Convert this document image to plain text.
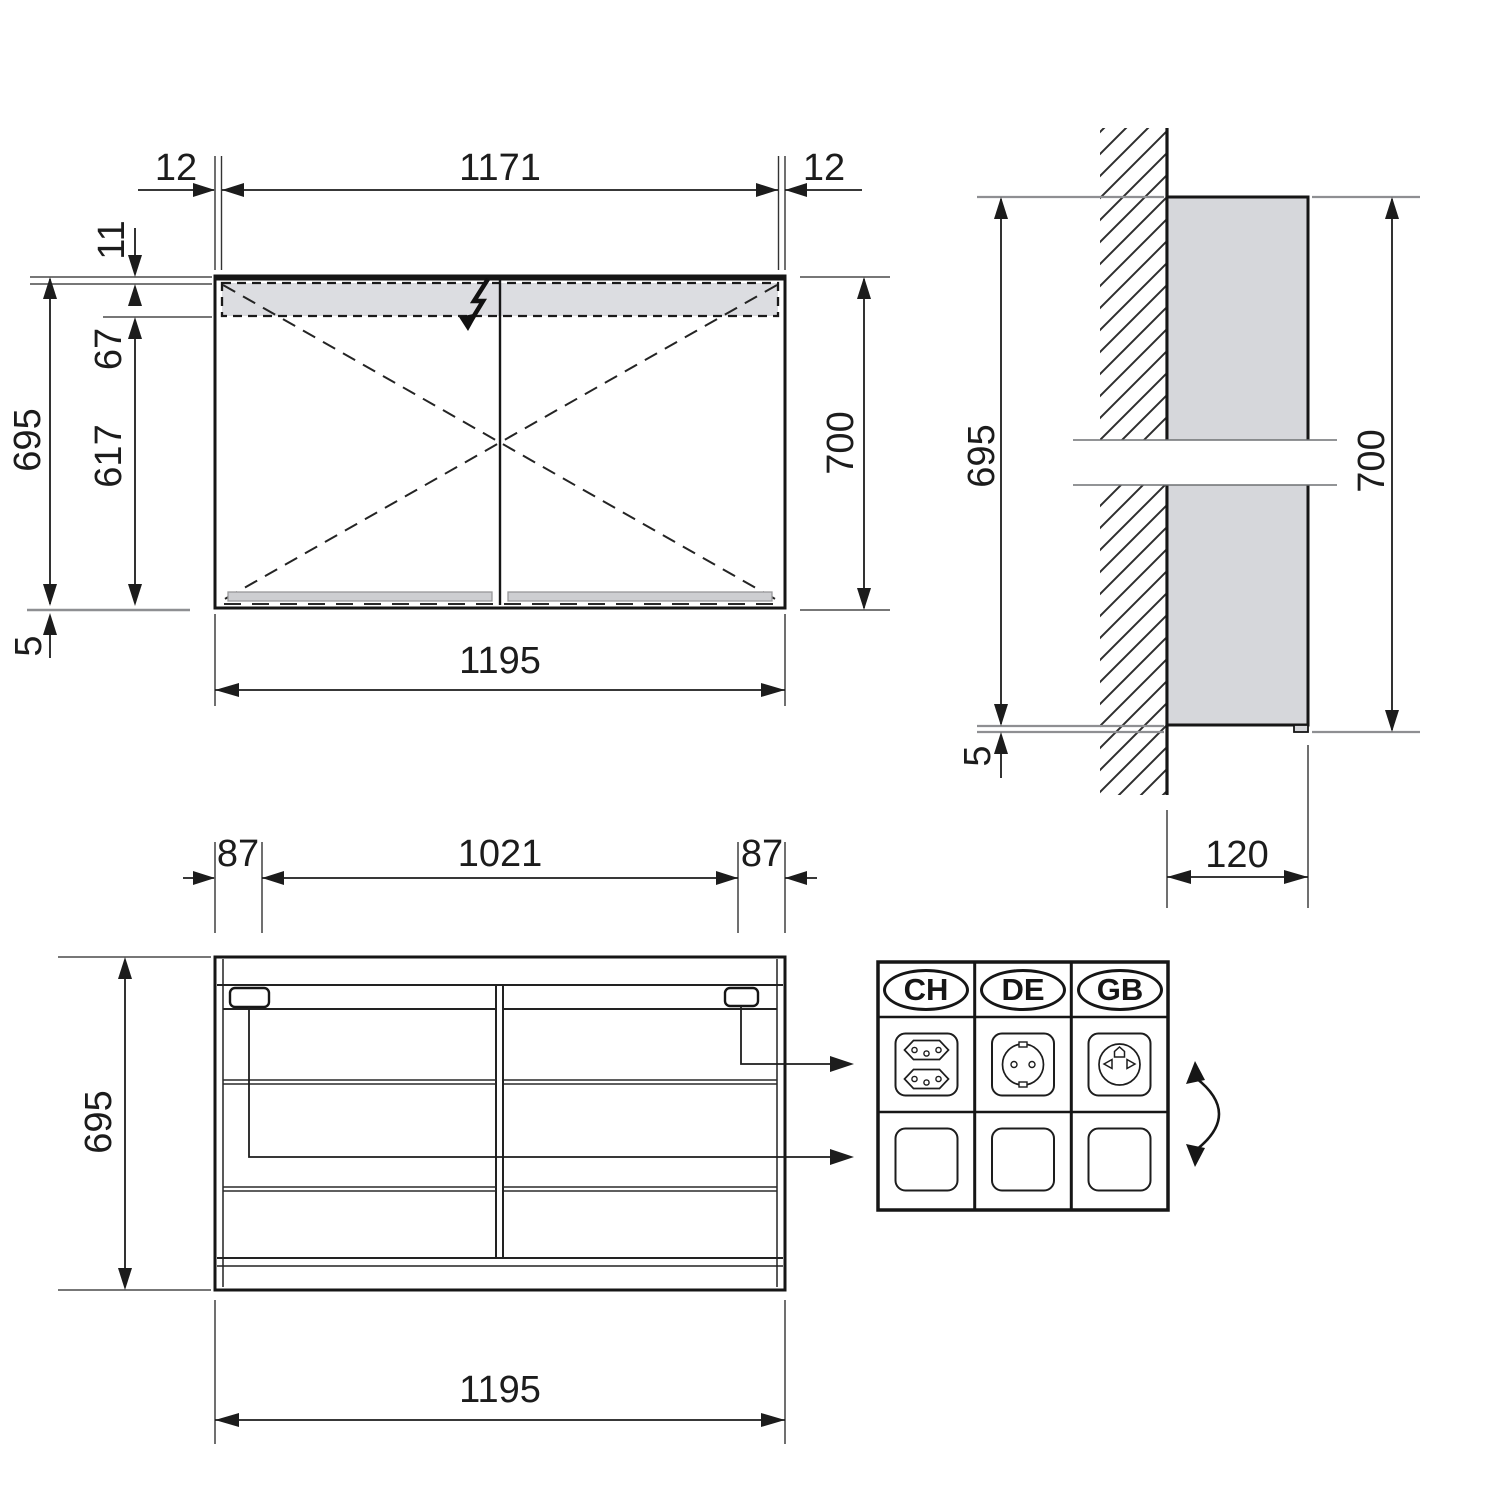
12	1171	12
11
67
617
695
5
700
1195
695
5
700
120
87	1021	87
695
1195
CH DE GB
